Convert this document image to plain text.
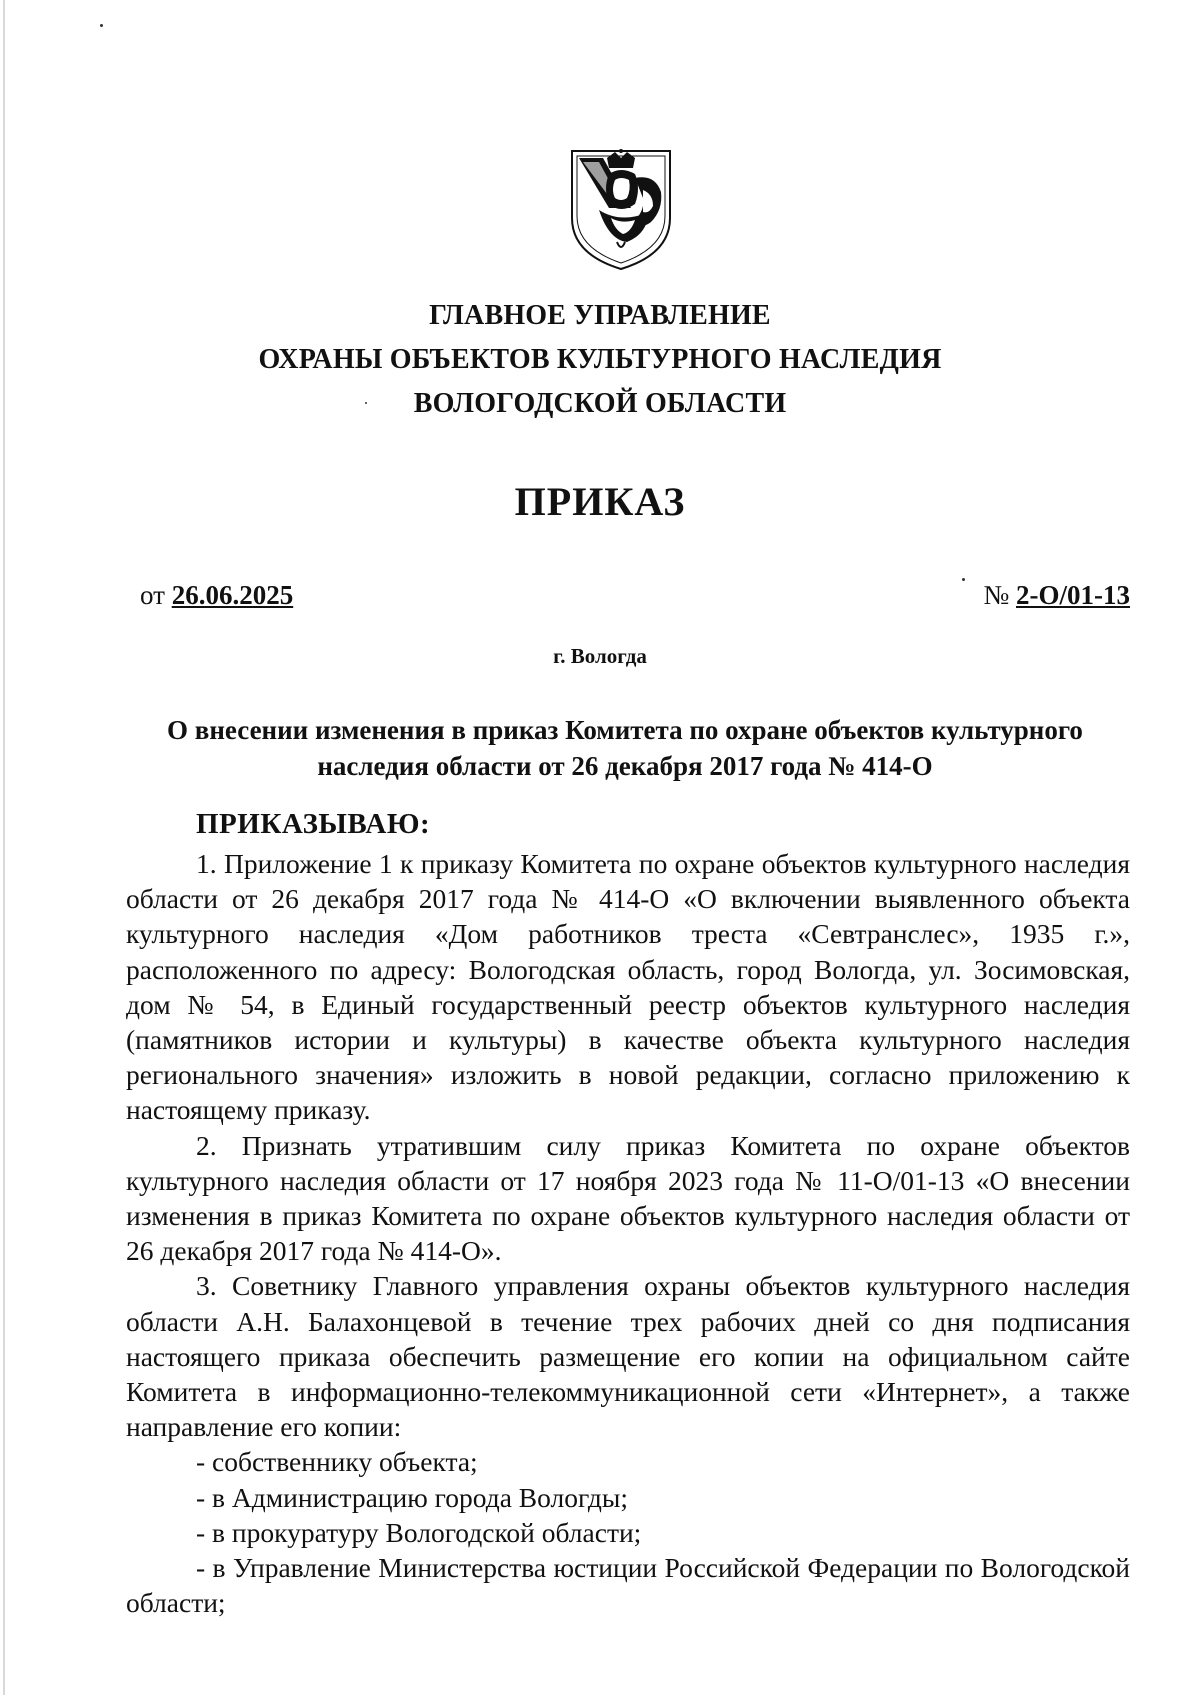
ГЛАВНОЕ УПРАВЛЕНИЕ
ОХРАНЫ ОБЪЕКТОВ КУЛЬТУРНОГО НАСЛЕДИЯ
ВОЛОГОДСКОЙ ОБЛАСТИ
ПРИКАЗ
от 26.06.2025	№ 2-О/01-13
г. Вологда
О внесении изменения в приказ Комитета по охране объектов культурного наследия области от 26 декабря 2017 года № 414-О
ПРИКАЗЫВАЮ:

1. Приложение 1 к приказу Комитета по охране объектов культурного наследия области от 26 декабря 2017 года № 414-О «О включении выявленного объекта культурного наследия «Дом работников треста «Севтранслес», 1935 г.», расположенного по адресу: Вологодская область, город Вологда, ул. Зосимовская, дом № 54, в Единый государственный реестр объектов культурного наследия (памятников истории и культуры) в качестве объекта культурного наследия регионального значения» изложить в новой редакции, согласно приложению к настоящему приказу.

2. Признать утратившим силу приказ Комитета по охране объектов культурного наследия области от 17 ноября 2023 года № 11-О/01-13 «О внесении изменения в приказ Комитета по охране объектов культурного наследия области от 26 декабря 2017 года № 414-О».

3. Советнику Главного управления охраны объектов культурного наследия области А.Н. Балахонцевой в течение трех рабочих дней со дня подписания настоящего приказа обеспечить размещение его копии на официальном сайте Комитета в информационно-телекоммуникационной сети «Интернет», а также направление его копии:

- собственнику объекта;

- в Администрацию города Вологды;

- в прокуратуру Вологодской области;

- в Управление Министерства юстиции Российской Федерации по Вологодской области;
